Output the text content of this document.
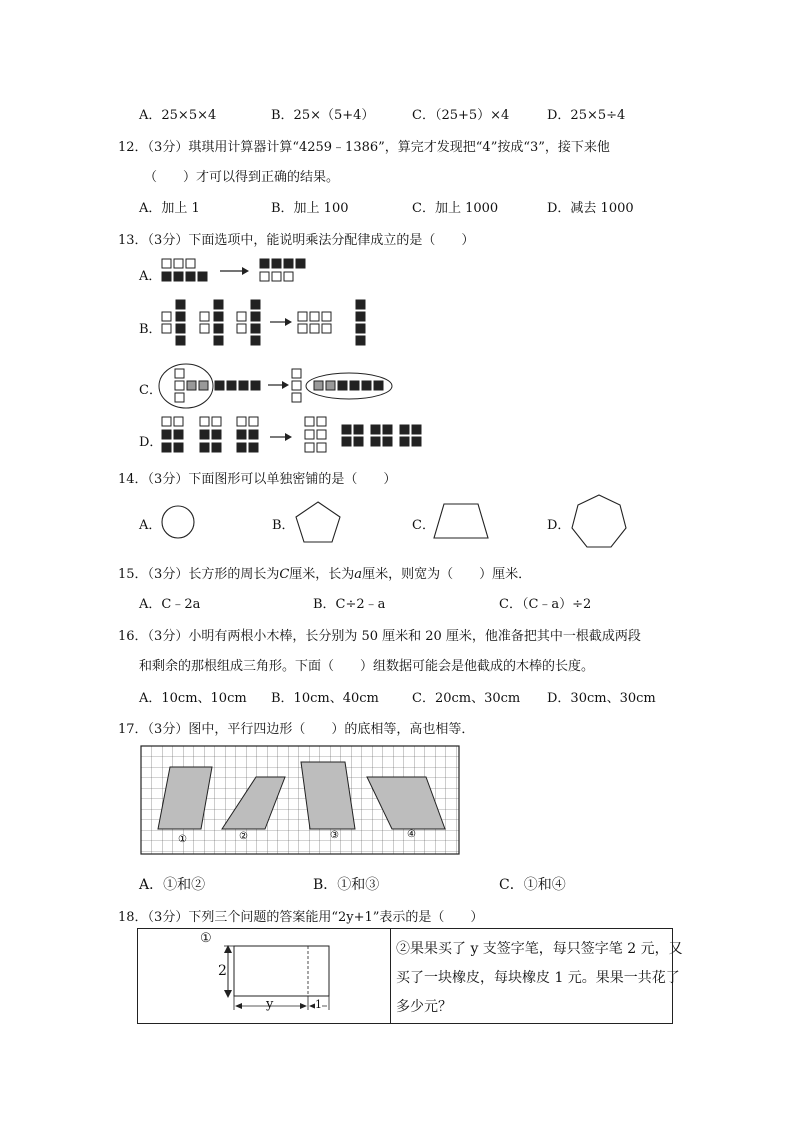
A．25×5×4	B．25×（5+4）	C．（25+5）×4	D．25×5÷4
12．（3分）琪琪用计算器计算“4259﹣1386”，算完才发现把“4”按成“3”，接下来他
（　　）才可以得到正确的结果。
A．加上 1	B．加上 100	C．加上 1000	D．减去 1000
13．（3分）下面选项中，能说明乘法分配律成立的是（　　）
A．
B．
C．
D．
14．（3分）下面图形可以单独密铺的是（　　）
A．	B．	C．	D．
15．（3分）长方形的周长为C厘米，长为a厘米，则宽为（　　）厘米．
A．C﹣2a	B．C÷2﹣a	C．（C﹣a）÷2
16．（3分）小明有两根小木棒，长分别为 50 厘米和 20 厘米，他准备把其中一根截成两段
和剩余的那根组成三角形。下面（　　）组数据可能会是他截成的木棒的长度。
A．10cm、10cm B．10cm、40cm	C．20cm、30cm D．30cm、30cm
17．（3分）图中，平行四边形（　　）的底相等，高也相等．
①	②	③	④
A．①和②	B．①和③	C．①和④
18．（3分）下列三个问题的答案能用“2y+1”表示的是（　　）
①
2
y	1
②果果买了 y 支签字笔，每只签字笔 2 元，又
买了一块橡皮，每块橡皮 1 元。果果一共花了
多少元？
